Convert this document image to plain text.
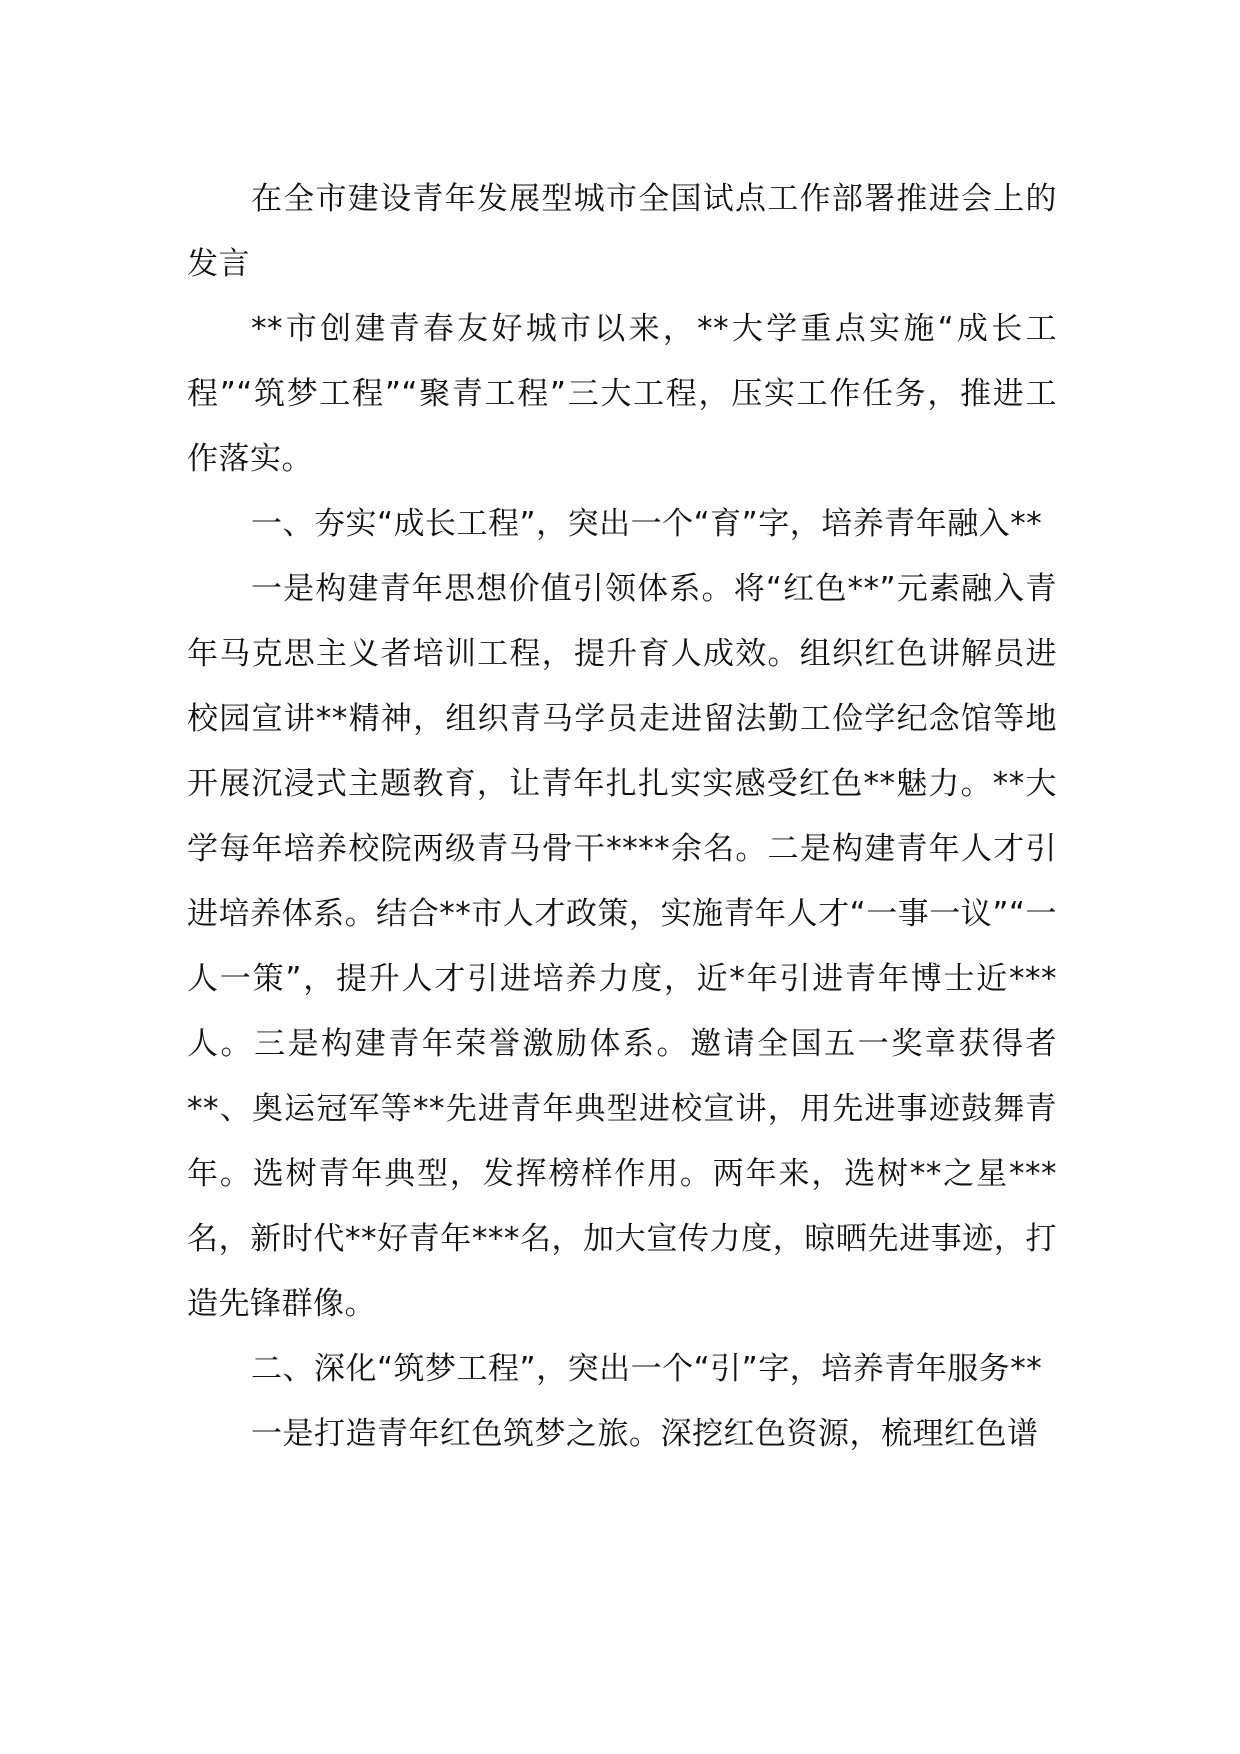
在全市建设青年发展型城市全国试点工作部署推进会上的发言

**市创建青春友好城市以来，**大学重点实施“成长工程”“筑梦工程”“聚青工程”三大工程，压实工作任务，推进工作落实。

一、夯实“成长工程”，突出一个“育”字，培养青年融入**

一是构建青年思想价值引领体系。将“红色**”元素融入青年马克思主义者培训工程，提升育人成效。组织红色讲解员进校园宣讲**精神，组织青马学员走进留法勤工俭学纪念馆等地开展沉浸式主题教育，让青年扎扎实实感受红色**魅力。**大学每年培养校院两级青马骨干****余名。二是构建青年人才引进培养体系。结合**市人才政策，实施青年人才“一事一议”“一人一策”，提升人才引进培养力度，近*年引进青年博士近***人。三是构建青年荣誉激励体系。邀请全国五一奖章获得者**、奥运冠军等**先进青年典型进校宣讲，用先进事迹鼓舞青年。选树青年典型，发挥榜样作用。两年来，选树**之星***名，新时代**好青年***名，加大宣传力度，晾晒先进事迹，打造先锋群像。

二、深化“筑梦工程”，突出一个“引”字，培养青年服务**

一是打造青年红色筑梦之旅。深挖红色资源，梳理红色谱
